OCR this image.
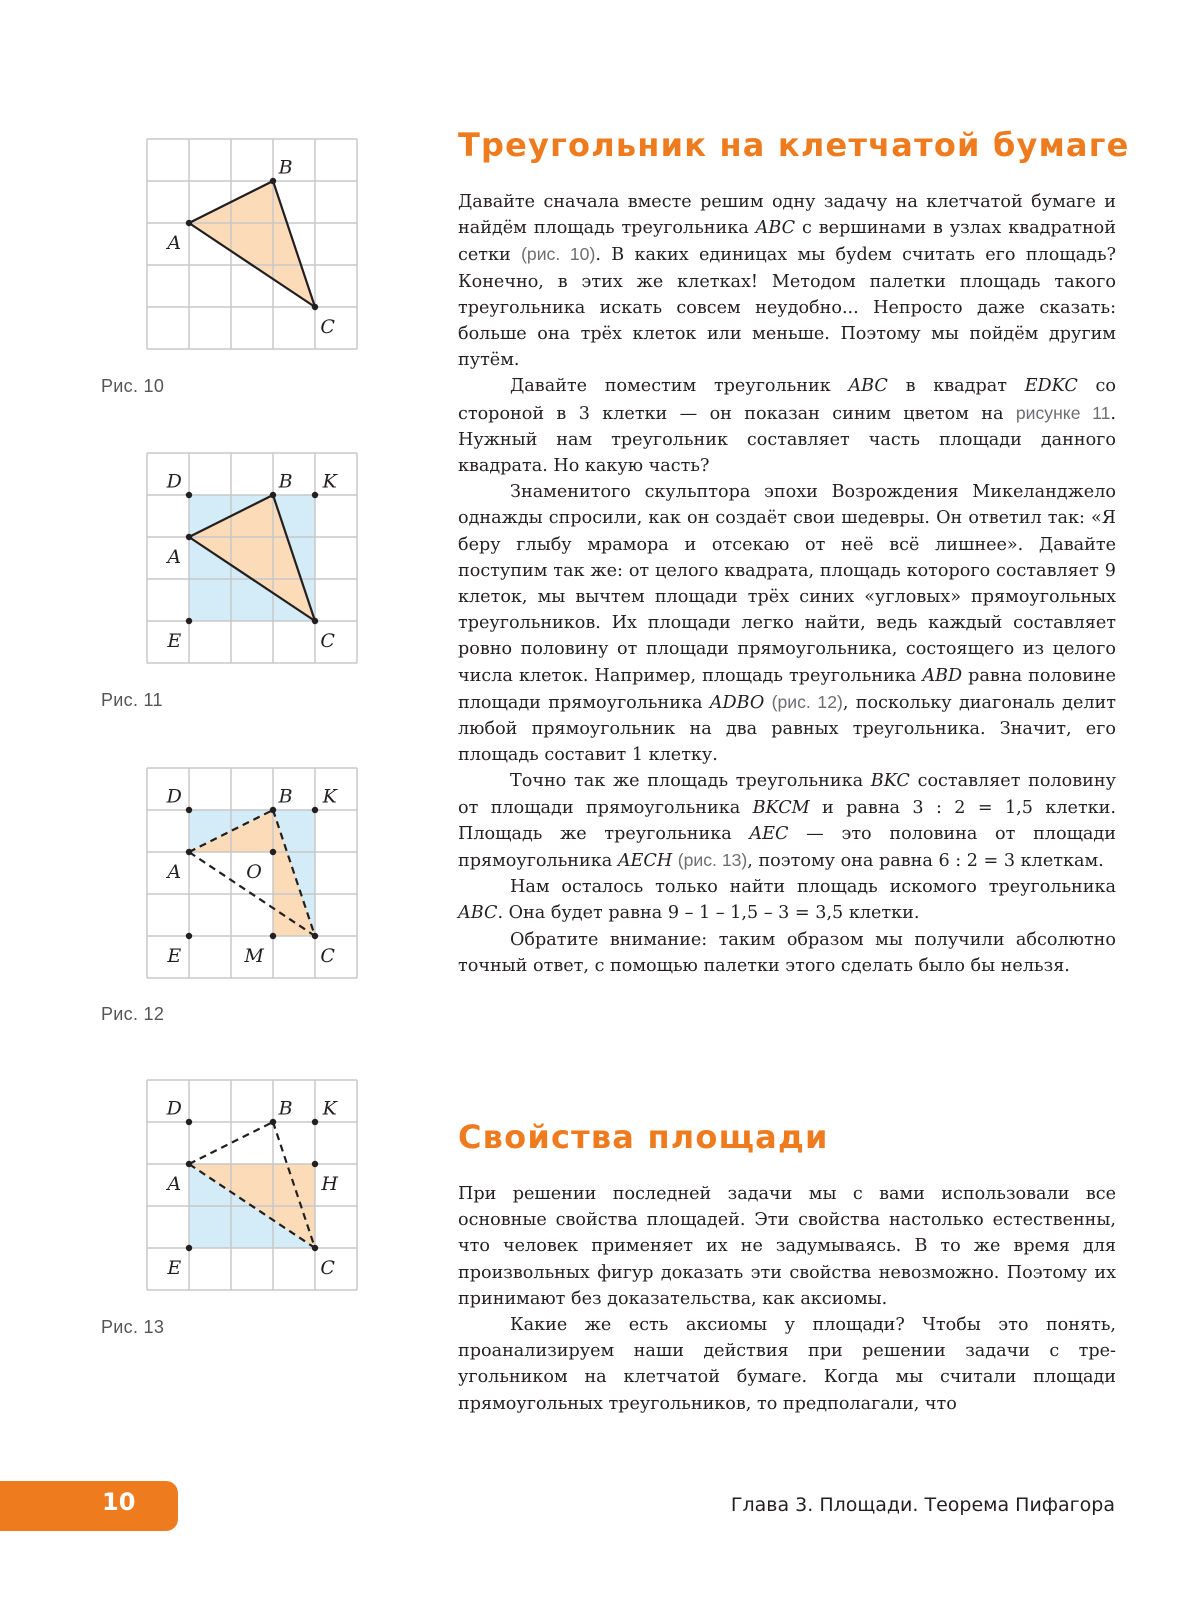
A
B
C
Рис. 10
D	B K
A
E	C
Рис. 11
D	B K
A	O
E	M	C
Рис. 12
D	B K
A	H
E	C
Рис. 13
Треугольник на клетчатой бумаге

Давайте сначала вместе решим одну задачу на клетчатой бумаге и найдём площадь треугольника ABC с вершинами в узлах квадратной сетки (рис. 10). В каких единицах мы буdем считать его площадь? Конечно, в этих же клетках! Методом палетки площадь такого треугольника искать совсем неудобно... Непросто даже сказать: больше она трёх клеток или меньше. Поэтому мы пойдём другим путём.

Давайте поместим треугольник ABC в квадрат EDKC со стороной в 3 клетки — он показан синим цветом на рисунке 11. Нужный нам треугольник составляет часть площади данного квадрата. Но какую часть?

Знаменитого скульптора эпохи Возрождения Микеланджело однажды спросили, как он создаёт свои шедевры. Он ответил так: «Я беру глыбу мрамора и отсекаю от неё всё лишнее». Давайте поступим так же: от целого квадрата, площадь которого составляет 9 клеток, мы вычтем площади трёх синих «угловых» прямоугольных треугольников. Их площади легко найти, ведь каждый составляет ровно половину от площади прямоугольника, состоящего из целого числа клеток. Например, площадь треугольника ABD равна половине площади прямоугольника ADBO (рис. 12), поскольку диагональ делит любой прямоугольник на два равных треугольника. Значит, его площадь составит 1 клетку.

Точно так же площадь треугольника BKC составляет половину от площади прямоугольника BKCM и равна 3 : 2 = 1,5 клетки. Площадь же треугольника AEC — это половина от площади прямоугольника AECH (рис. 13), поэтому она равна 6 : 2 = 3 клеткам.

Нам осталось только найти площадь искомого треугольника ABC. Она будет равна 9 – 1 – 1,5 – 3 = 3,5 клетки.

Обратите внимание: таким образом мы получили абсолютно точный ответ, с помощью палетки этого сделать было бы нельзя.

Свойства площади

При решении последней задачи мы с вами использовали все основные свойства площадей. Эти свойства настолько естественны, что человек применяет их не задумываясь. В то же время для произвольных фигур доказать эти свойства невозможно. Поэтому их принимают без доказательства, как аксиомы.

Какие же есть аксиомы у площади? Чтобы это понять, проанализируем наши действия при решении задачи с треугольником на клетчатой бумаге. Когда мы считали площади прямоугольных треугольников, то предполагали, что

10	Глава 3. Площади. Теорема Пифагора
